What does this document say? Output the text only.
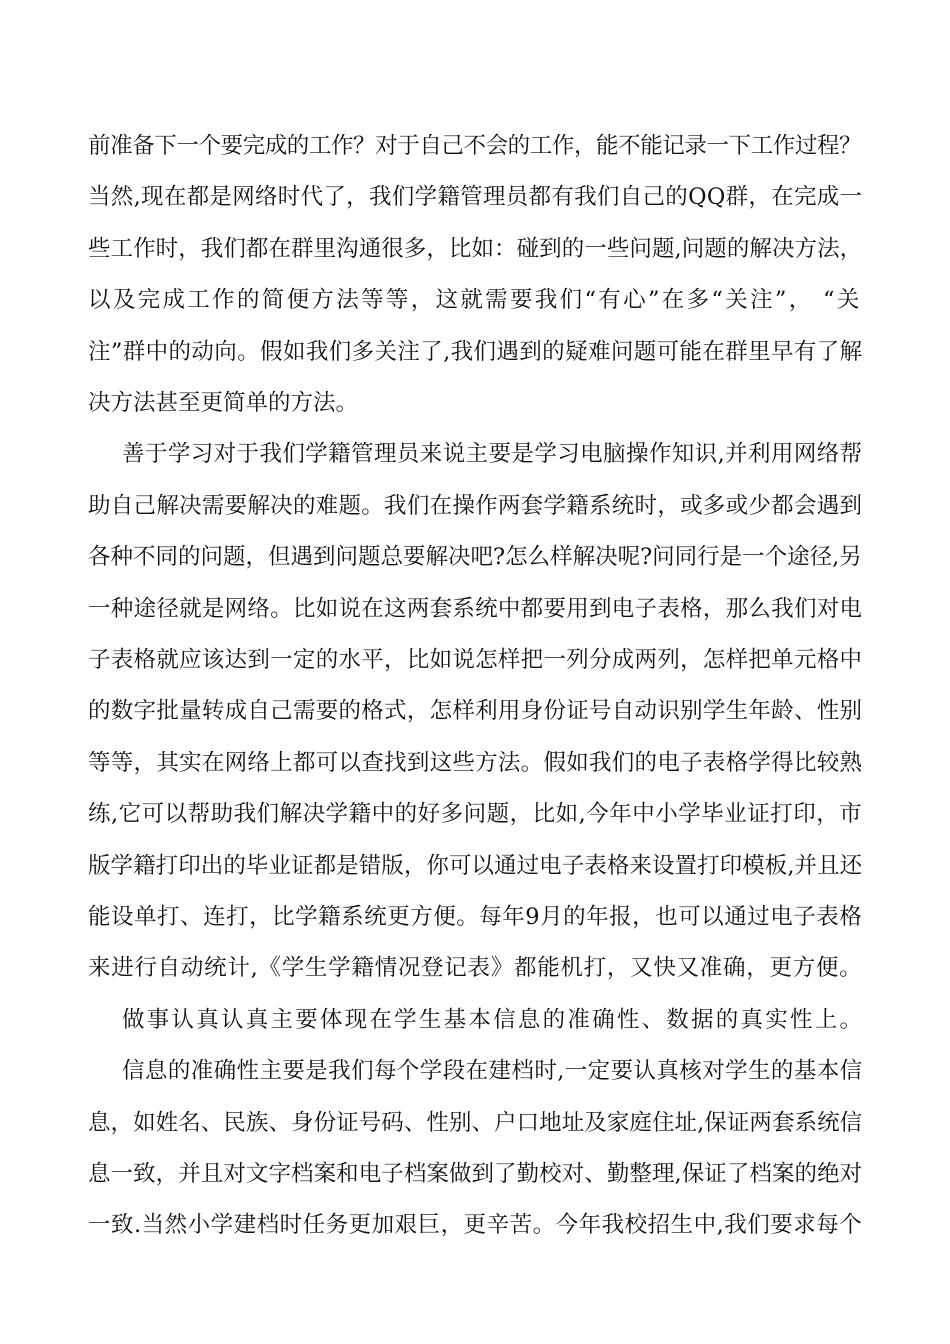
前准备下一个要完成的工作？对于自己不会的工作，能不能记录一下工作过程？
当然,现在都是网络时代了，我们学籍管理员都有我们自己的QQ群，在完成一
些工作时，我们都在群里沟通很多，比如：碰到的一些问题,问题的解决方法，
以及完成工作的简便方法等等，这就需要我们“有心”在多“关注”， “关
注”群中的动向。假如我们多关注了,我们遇到的疑难问题可能在群里早有了解
决方法甚至更简单的方法。
善于学习对于我们学籍管理员来说主要是学习电脑操作知识,并利用网络帮
助自己解决需要解决的难题。我们在操作两套学籍系统时，或多或少都会遇到
各种不同的问题，但遇到问题总要解决吧?怎么样解决呢?问同行是一个途径,另
一种途径就是网络。比如说在这两套系统中都要用到电子表格，那么我们对电
子表格就应该达到一定的水平，比如说怎样把一列分成两列，怎样把单元格中
的数字批量转成自己需要的格式，怎样利用身份证号自动识别学生年龄、性别
等等，其实在网络上都可以查找到这些方法。假如我们的电子表格学得比较熟
练,它可以帮助我们解决学籍中的好多问题，比如,今年中小学毕业证打印，市
版学籍打印出的毕业证都是错版，你可以通过电子表格来设置打印模板,并且还
能设单打、连打，比学籍系统更方便。每年9月的年报，也可以通过电子表格
来进行自动统计,《学生学籍情况登记表》都能机打，又快又准确，更方便。
做事认真认真主要体现在学生基本信息的准确性、数据的真实性上。
信息的准确性主要是我们每个学段在建档时,一定要认真核对学生的基本信
息，如姓名、民族、身份证号码、性别、户口地址及家庭住址,保证两套系统信
息一致，并且对文字档案和电子档案做到了勤校对、勤整理,保证了档案的绝对
一致.当然小学建档时任务更加艰巨，更辛苦。今年我校招生中,我们要求每个
